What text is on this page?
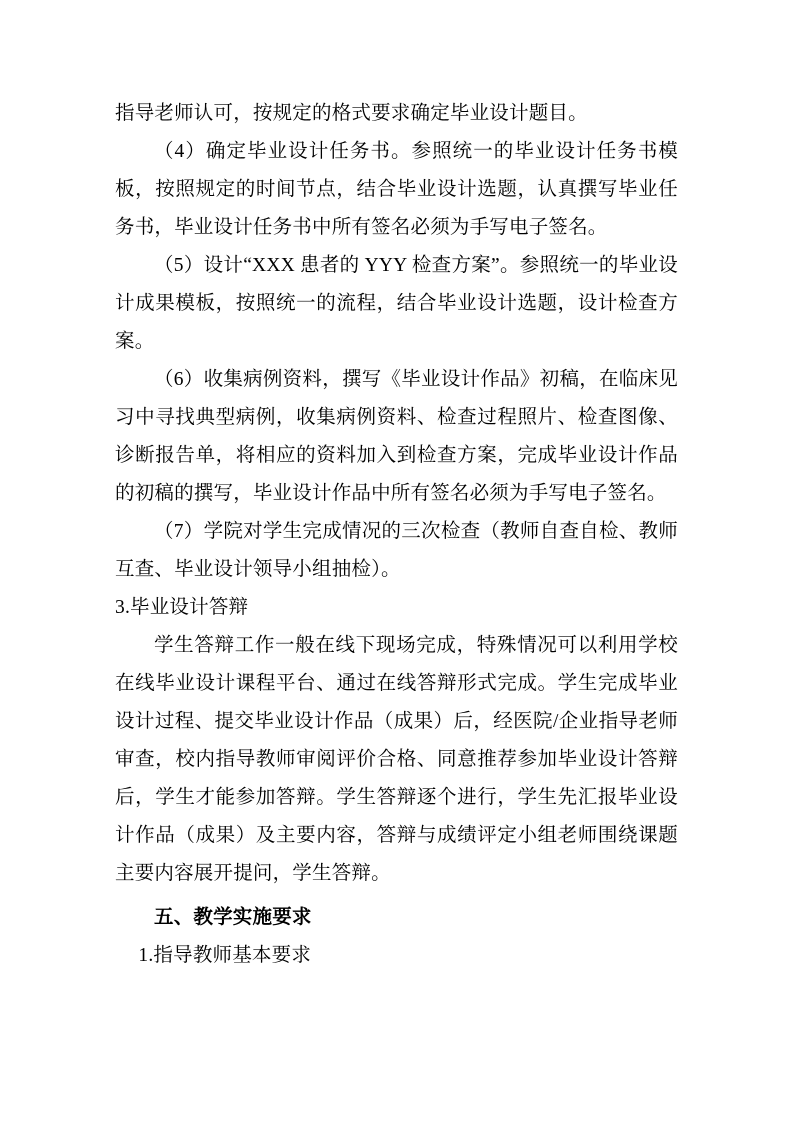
指导老师认可，按规定的格式要求确定毕业设计题目。

（4）确定毕业设计任务书。参照统一的毕业设计任务书模板，按照规定的时间节点，结合毕业设计选题，认真撰写毕业任务书，毕业设计任务书中所有签名必须为手写电子签名。

（5）设计“XXX 患者的 YYY 检查方案”。参照统一的毕业设计成果模板，按照统一的流程，结合毕业设计选题，设计检查方案。

（6）收集病例资料，撰写《毕业设计作品》初稿，在临床见习中寻找典型病例，收集病例资料、检查过程照片、检查图像、诊断报告单，将相应的资料加入到检查方案，完成毕业设计作品的初稿的撰写，毕业设计作品中所有签名必须为手写电子签名。

（7）学院对学生完成情况的三次检查（教师自查自检、教师互查、毕业设计领导小组抽检）。

3.毕业设计答辩

学生答辩工作一般在线下现场完成，特殊情况可以利用学校在线毕业设计课程平台、通过在线答辩形式完成。学生完成毕业设计过程、提交毕业设计作品（成果）后，经医院/企业指导老师审查，校内指导教师审阅评价合格、同意推荐参加毕业设计答辩后，学生才能参加答辩。学生答辩逐个进行，学生先汇报毕业设计作品（成果）及主要内容，答辩与成绩评定小组老师围绕课题主要内容展开提问，学生答辩。

五、教学实施要求

1.指导教师基本要求
